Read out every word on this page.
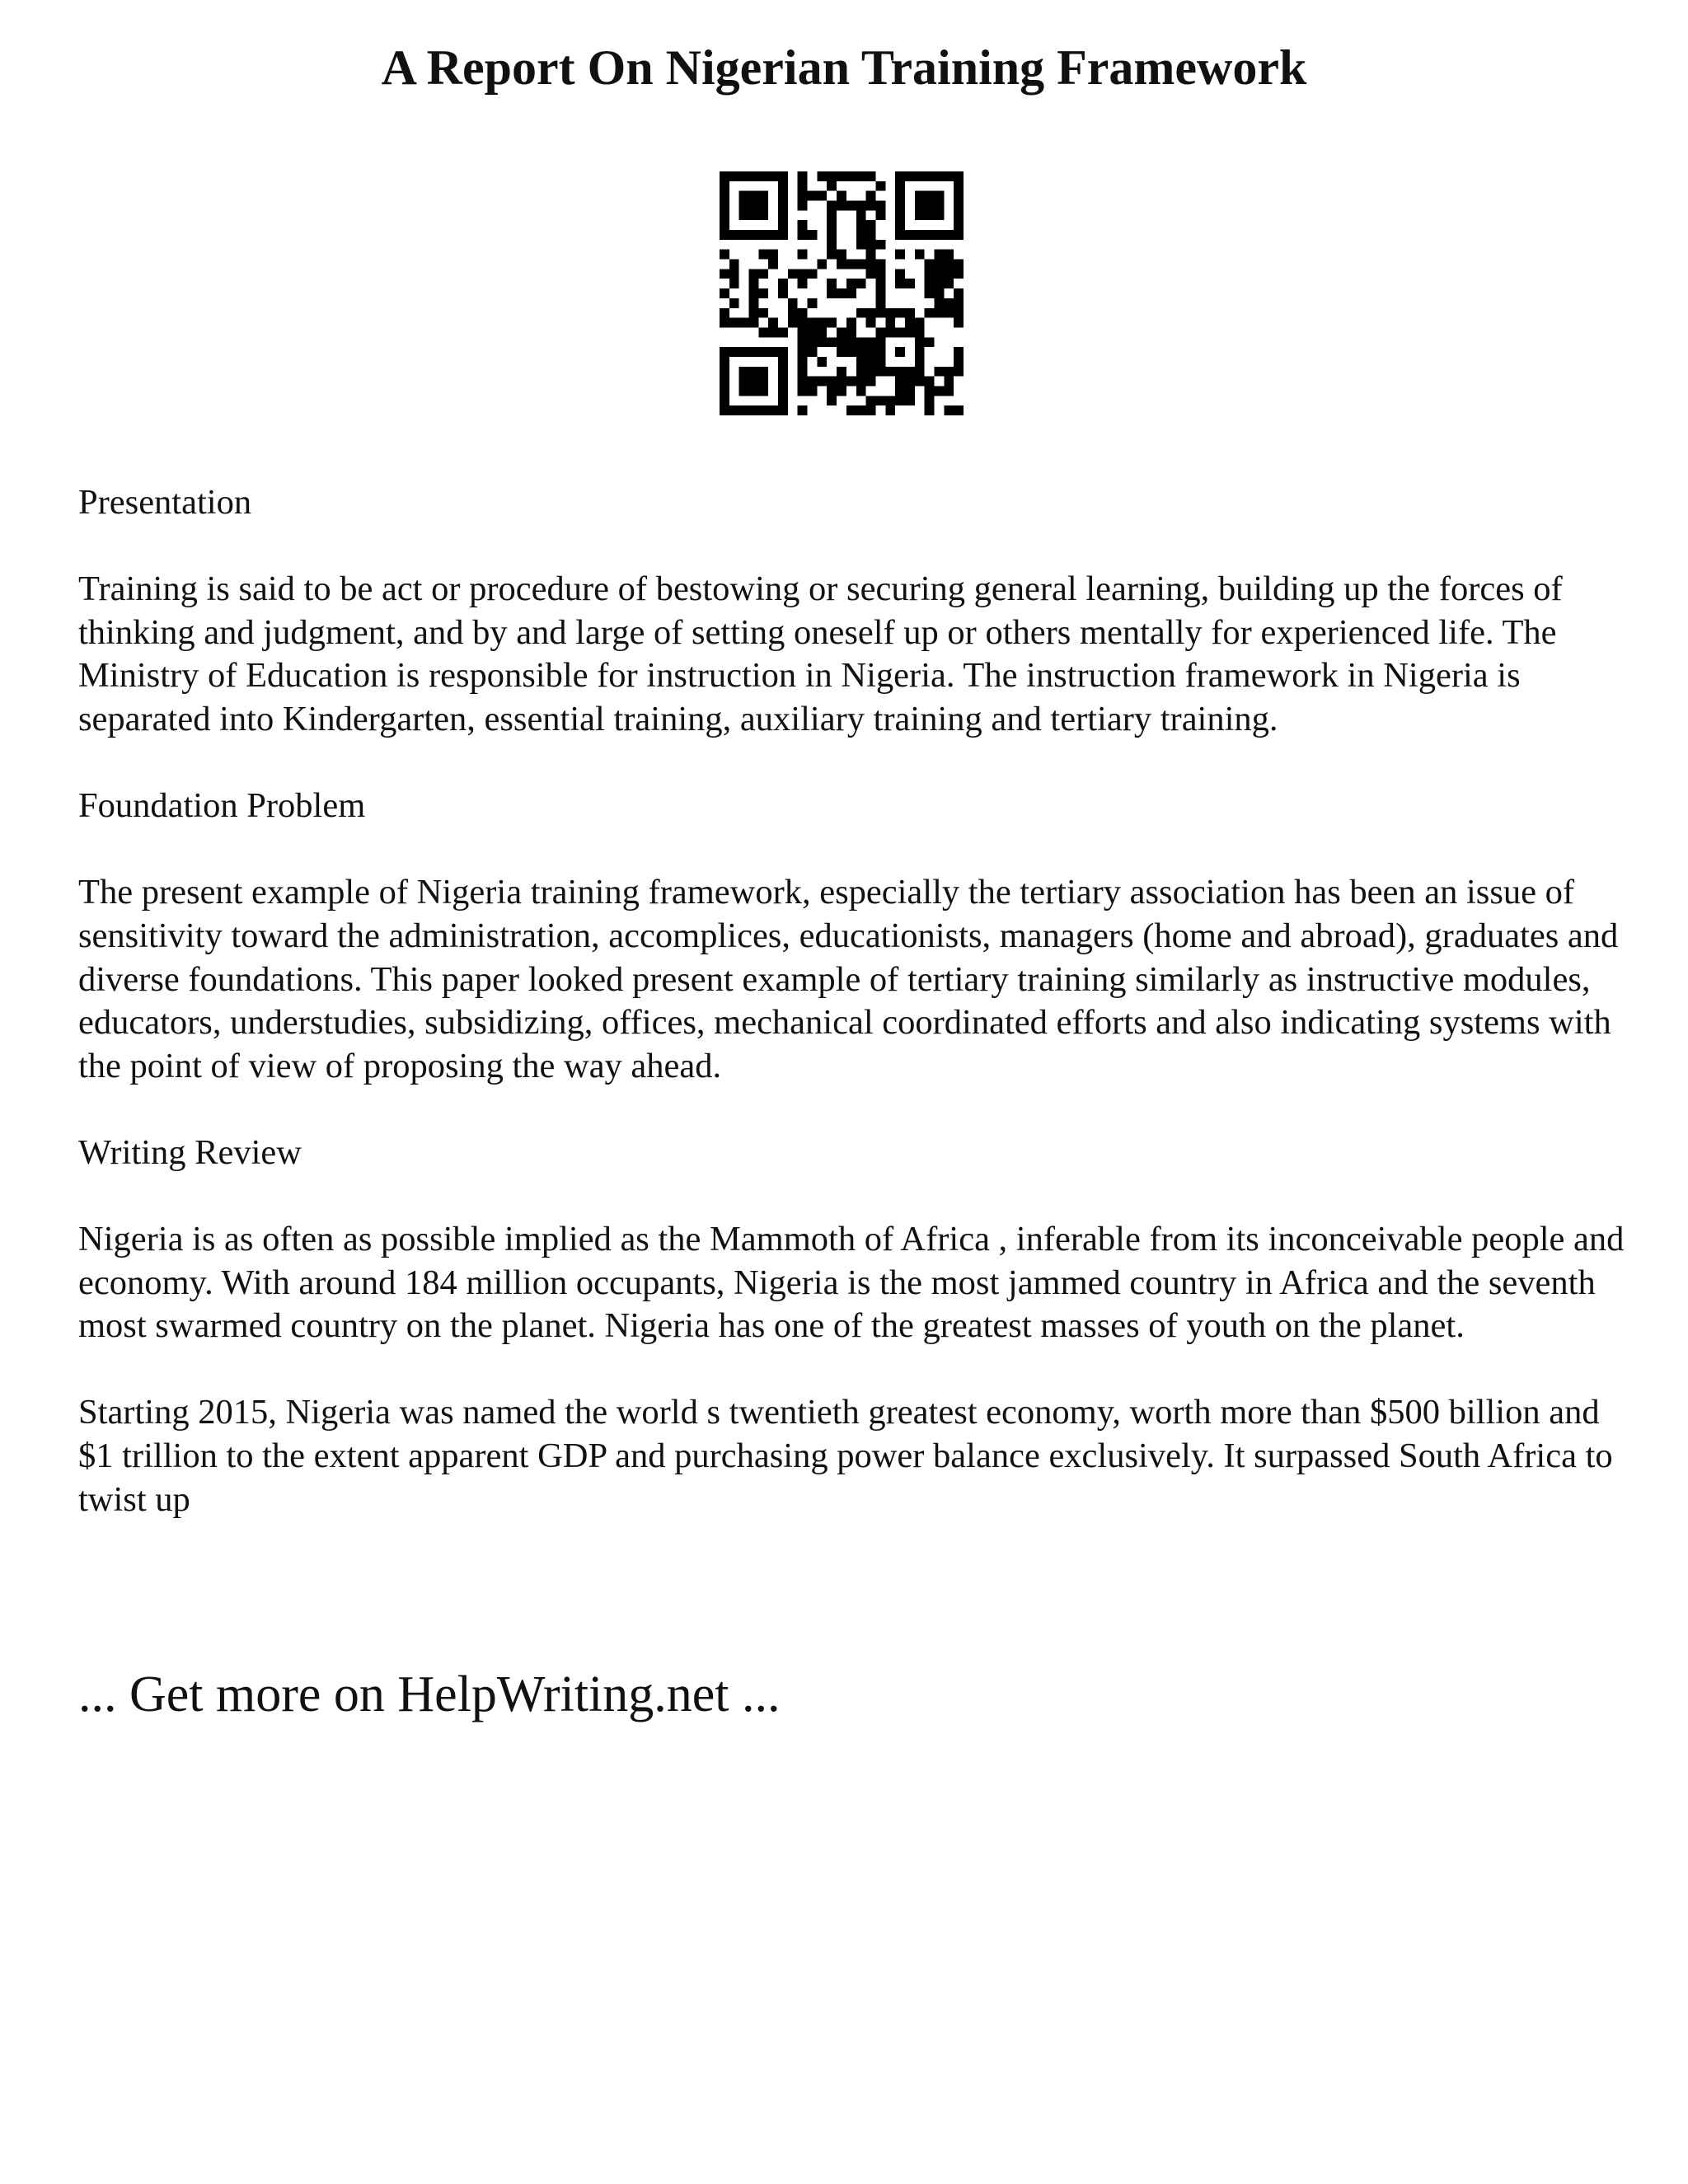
A Report On Nigerian Training Framework

Presentation

Training is said to be act or procedure of bestowing or securing general learning, building up the forces of thinking and judgment, and by and large of setting oneself up or others mentally for experienced life. The Ministry of Education is responsible for instruction in Nigeria. The instruction framework in Nigeria is separated into Kindergarten, essential training, auxiliary training and tertiary training.

Foundation Problem

The present example of Nigeria training framework, especially the tertiary association has been an issue of sensitivity toward the administration, accomplices, educationists, managers (home and abroad), graduates and diverse foundations. This paper looked present example of tertiary training similarly as instructive modules, educators, understudies, subsidizing, offices, mechanical coordinated efforts and also indicating systems with the point of view of proposing the way ahead.

Writing Review

Nigeria is as often as possible implied as the Mammoth of Africa , inferable from its inconceivable people and economy. With around 184 million occupants, Nigeria is the most jammed country in Africa and the seventh most swarmed country on the planet. Nigeria has one of the greatest masses of youth on the planet.

Starting 2015, Nigeria was named the world s twentieth greatest economy, worth more than $500 billion and $1 trillion to the extent apparent GDP and purchasing power balance exclusively. It surpassed South Africa to twist up

... Get more on HelpWriting.net ...
